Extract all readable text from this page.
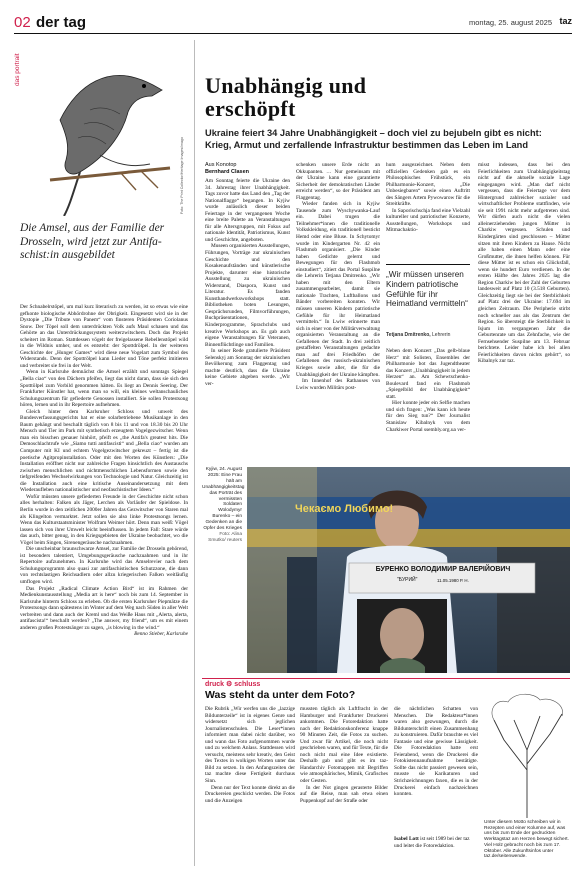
02 der tag	montag, 25. august 2025 taz
das portrait
Foto: The Print Collector/Heritage Images/imago
Die Amsel, aus der Familie der Drosseln, wird jetzt zur Antifa-schist:in ausgebildet

Der Schnabelrstöpel, um mal kurz literarisch zu werden, ist so etwas wie eine gefkonte biologische Abhördrohne der Obrigkeit. Eingesetzt wird sie in der Dystopie „Die Tribute von Panem“ vom finsteren Präsidenten Coriolanus Snow. Der Töpel soll dem unterdrückten Volk aufs Maul schauen und das Gehörte an das Unterdrückungssystem weiterzwitschern. Doch das Projekt scheitert im Roman. Stattdessen vögelt der freigelassene Rebellenstöpel wild in die Wildnis umher, und es entsteht: der Spottdrölpel. In der weiteren Geschichte der „Hunger Games“ wird diese neue Vogelart zum Symbol des Widerstands. Denn der Spottrölpel kann Lieder und Töne perfekt imitieren und verbreitet sie frei in der Welt.

Wenn in Karlsruhe demnächst die Amsel erzählt und sonntags Spiegel „Bella ciao“ von den Dächern pfeifen, liegt das nicht daran, dass sie sich den Spotttölpel zum Vorbild genommen hätten. Es liegt an Dennis Seering. Der Frankfurter Künstler hat, wenn man so will, ein kleines weltanschauliches Schulungszentrum für gefiederte Genossen installiert. Sie sollen Protestsong hören, lernen und in ihr Repertoire aufnehmen.

Gleich hinter dem Karlsruher Schloss und unweit des Bundesverfassungsgerichts hat er eine solarbetriebene Musikanlage in den Baum gehängt und beschallt täglich von 8 bis 11 und von 18.30 bis 20 Uhr Mensch und Tier im Park mit synthetisch erzeugtem Vogelgezwitscher. Wenn man ein bisschen genauer hinhört, pfeift es „the Antifa's greatest hits. Die Demoschlachtrufe wie „Siamo tutti antifascisti“ und „Bella ciao“ wurden am Computer mit KI und echtem Vogelgezwitscher gekreuzt – fertig ist die poetische Agitpropinstallation. Oder mit den Worten des Künstlers: „Die Installation eröffnet nicht nur zahlreiche Fragen hinsichtlich des Austauschs zwischen menschlichen und nichtmenschlichen Lebensformen sowie den tiefgreifenden Wechselwirkungen von Technologie und Natur. Gleichzeitig ist die Installation auch eine kritische Auseinandersetzung mit dem Wiederaufleben nationalistischer und neofaschistischer Ideen.“

Wofür müssten unsere gefiederten Freunde in der Geschichte nicht schon alles herhalten: Falken als Jäger, Lerchen als Vorläufer der Spieldose. In Berlin wurde in den zeitlichen 2000er Jahren das Gezwitscher von Staren mal als Klingelton vermarktet. Jetzt sollen sie also linke Protestsongs lernen. Wenn das Kulturstaatsminister Wolfram Weimer hört. Denn man weiß: Vögel lassen sich von ihrer Umwelt leicht beeinflussen. In jedem Fall: Stare würde das auch, bitter genug, in den Kriegsgebieten der Ukraine beobachtet, wo die Vögel beim Singen, Sirenengeräusche nachzuahmen.

Die unscheinbar braunschwarze Amsel, zur Familie der Drosseln gehörend, ist besonders talentiert, Umgebungsgeräusche nachzuahmen und in ihr Repertoire aufzunehmen. In Karlsruhe wird das Amselrevier nach dem Schulungsprogramm also quasi zur antifaschistischen Schutzzone, die dann von rechtslastigen Reichsadlern oder allzu kriegerischen Falken weitläufig umflogen wird.

Das Projekt „Radical Climate Action Bird“ ist im Rahmen der Medienkunstausstellung „Media art is here“ noch bis zum 14. September in Karlsruhe hinterm Schloss zu erleben. Ob die ersten Karlsruher Piepmätze die Protestsongs dann spätestens im Winter auf dem Weg nach Süden in aller Welt verbreiten und dann auch der Kreml und das Weiße Haus mit „Alerta, alerta, antifascista!“ beschallt werden? „The answer, my friend“, um es mit einem anderen großen Protestsänger zu sagen, „is blowing in the wind.“

Benno Stieber, Karlsruhe

Unabhängig und erschöpft
Ukraine feiert 34 Jahre Unabhängigkeit – doch viel zu bejubeln gibt es nicht: Krieg, Armut und zerfallende Infrastruktur bestimmen das Leben im Land
Aus Konotop
Bernhard Clasen

Am Sonntag feierte die Ukraine den 34. Jahrestag ihrer Unabhängigkeit. Tags zuvor hatte das Land den „Tag der Nationalflagge“ begangen. In Kyjiw wurde anlässlich dieser beiden Feiertage in der vergangenen Woche eine breite Palette an Veranstaltungen für alle Altersgruppen, mit Fokus auf nationale Identität, Patriotismus, Kunst und Geschichte, angeboten.

Museen organisierten Ausstellungen, Führungen, Vorträge zur ukrainischen Geschichte und den Kosakenaufständen und künstlerische Projekte, darunter eine historische Ausstellung zu ukrainischen Widerstand, Diaspora, Kunst und Literatur. Es fanden Kunsthandwerksworkshops statt. Bibliotheken boten Lesungen, Gesprächsrunden, Filmvorführungen, Buchpräsentationen, Kinderprogramme, Sprachclubs und kreative Workshops an. Es gab auch eigene Veranstaltungen für Veteranen, Binnenflüchtlinge und Familien.

In seiner Rede gratulierte Präsident Selenskyj am Sonntag der ukrainischen Bevölkerung zum Flaggentag und machte deutlich, dass die Ukraine keine Gebiete abgeben werde. „Wir ver-

schenken unsere Erde nicht an Okkupanten. … Nur gemeinsam mit der Ukraine kann eine garantierte Sicherheit der demokratischen Länder erreicht werden“, so der Präsident am Flaggentag.

Wieder fanden sich in Kyjiw Tausende zum Wyschywanka-Lauf ein. Dabei trugen die Teilnehmer*innen die traditionelle Volkskleidung, ein traditionell bestickt Hemd oder eine Bluse. In Schytomyr wurde im Kindergarten Nr. 42 ein Flashmob organisiert. „Die Kinder haben Gedichte gelernt und Bewegungen für den Flashmob einstudiert“, zitiert das Portal Suspilne die Lehrerin Tetjana Dmitrenko. „Wir haben mit den Eltern zusammengearbeitet, damit sie nationale Trachten, Luftballons und Bänder vorbereiten konnten. Wir müssen unseren Kindern patriotische Gefühle für ihr Heimatland vermitteln.“ In Lwiw erinnerte man sich in einer von der Militärverwaltung organisierten Veranstaltung an die Gefallenen der Stadt. In drei zeitlich gestaffelten Veranstaltungen gedachte man auf drei Friedhöfen der Gefallenen des russisch-ukrainischen Krieges sowie aller, die für die Unabhängigkeit der Ukraine kämpften.

Im Innenhof des Rathauses von Lwiw wurden Militärs post-

hum ausgezeichnet. Neben dem offiziellen Gedenken gab es ein Philosophisches Frühstück, ein Philharmonie-Konzert, „Die Unbesiegbaren“ sowie einen Auftritt des Sängers Artem Pywowarow für die Streitkräfte.

In Saporischschja fand eine Vielzahl kultureller und patriotischer Konzerte, Ausstellungen, Workshops und Mitmachaktio-

„Wir müssen unseren Kindern patriotische Gefühle für ihr Heimatland vermitteln“
Tetjana Dmitrenko, Lehrerin

Neben dem Konzert „Das gelb-blaue Herz“ mit Solisten, Ensembles der Philharmonie bot das Jugendtheater das Konzert „Unabhängigkeit in jedem Herzen“ an. Am Schewtschenko-Boulevard fand ein Flashmob „Spiegelbild der Unabhängigkeit“ statt.

Hier konnte jeder ein Selfie machen und sich fragen: „Was kann ich heute für den Sieg tun?“ Der Journalist Stanislaw Kibalnyk von dem Charkiwer Portal ssembly.org.ua ver-

misst indessen, dass bei den Feierlichkeiten zum Unabhängigkeitstag nicht auf die aktuelle soziale Lage eingegangen wird. „Man darf nicht vergessen, dass die Feiertage vor dem Hintergrund zahlreicher sozialer und wirtschaftlicher Probleme stattfinden, wie sie seit 1991 nicht mehr aufgetreten sind. Wir dürfen auch nicht die vielen alleinerziehenden jungen Mütter in Charkiw vergessen. Schulen und Kindergärten sind geschlossen – Mütter sitzen mit ihren Kindern zu Hause. Nicht alle haben einen Mann oder eine Großmutter, die ihnen helfen können. Für diese Mütter ist es schon ein Glücksfall, wenn sie hundert Euro verdienen. In der ersten Hälfte des Jahres 2025 lag die Region Charkiw bei der Zahl der Geburten landesweit auf Platz 10 (3.518 Geburten). Gleichzeitig liegt sie bei der Sterblichkeit auf Platz drei der Ukraine: 17.694 im gleichen Zeitraum. Die Peripherie stirbt noch schneller aus als das Zentrum der Region. So übersteigt die Sterblichkeit in Isjum im vergangenen Jahr die Geburtenrate um das Zehnfache, wie der Fernsehsender Suspilne am 13. Februar berichtete. Leider habe ich bei allen Feierlichkeiten davon nichts gehört“, so Kibalnyk zur taz.

Kyjiw, 24. August 2025: Eine Frau hält am Unabhängigkeitstag das Porträt des vermissten Soldaten Wolodymyr Burenko – ein Gedenken an die Opfer des Krieges Foto: Alina Smutko/ reuters
Чекаємо Любимо!
БУРЕНКО ВОЛОДИМИР ВАЛЕРІЙОВИЧ
"БУРИЙ"	11.05.1980 Р. Н.
druck ⚙ schluss
Was steht da unter dem Foto?

Die Rubrik „Wir werfen uns die „lazzige Bildunterzeile“ ist in eigenes Genre und widersetzt sich jeglichen Journalistenschulen. Die Leser*innen informiert man dabei nicht darüber, wo und wann das Foto aufgenommen wurde und zu welchem Anlass. Stattdessen wird versucht, meistens sehr kreativ, den Geist des Textes in wolkigen Worten unter das Bild zu setzen. In den Anfangszeiten der taz machte diese Fertigkeit durchaus Sinn.

Denn nur der Text konnte direkt an die Druckereien geschickt werden. Die Fotos und die Anzeigen

mussten täglich als Luftfracht in der Hamburger und Frankfurter Druckerei ankommen. Die Fotoredaktion hatte nach der Redaktionskonferenz knappe 90 Minuten Zeit, die Fotos zu suchen. Und zwar für Artikel, die noch nicht geschrieben waren, und für Texte, für die noch nicht mal eine Idee existierte. Deshalb gab und gibt es im taz-Handarchiv Fotomappen mit Begriffen wie atmosphärisches, Mimik, Grafisches oder Gesten.

In der Not gingen gerasterte Bilder auf die Reise, man sah etwa einen Puppenkopf auf der Straße oder

die nächtlichen Schatten von Menschen. Die Redakteur*innen waren also gezwungen, durch die Bildunterschrift einen Zusammenhang zu konstruieren. Dafür brauchte es viel Fantasie und eine gewisse Lässigkeit. Die Fotoredaktion hatte erst Feierabend, wenn die Druckerei die Fotokistennanufnahme bestätigte. Sollte das nicht passiert gewesen sein, musste sie Karikaturen und Strichzeichnungen faxen, die es in der Druckerei einfach nachzeichnen konnten.

Isabel Lott ist seit 1989 bei der taz und leitet die Fotoredaktion.
Unter diesem Motto schreiben wir in Rezepten und einer Kolumne auf, was uns bis zum Ende der gedruckten Werktagstaz am Herzen bewegt sichert. Viel Holz gebracht noch bis zum 17. Oktober. Alle Zukunftsinfos unter taz.de/seitenwende.
